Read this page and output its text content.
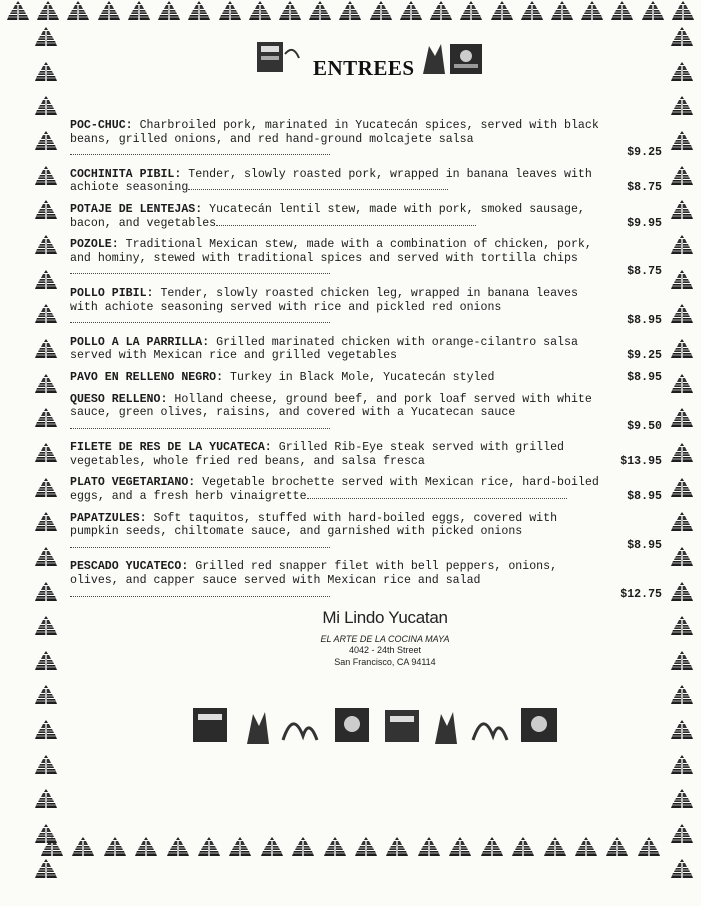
ENTREES
POC-CHUC: Charbroiled pork, marinated in Yucatecán spices, served with black beans, grilled onions, and red hand-ground molcajete salsa
$9.25
COCHINITA PIBIL: Tender, slowly roasted pork, wrapped in banana leaves with achiote seasoning	$8.75
POTAJE DE LENTEJAS: Yucatecán lentil stew, made with pork, smoked sausage, bacon, and vegetables	$9.95
POZOLE: Traditional Mexican stew, made with a combination of chicken, pork, and hominy, stewed with traditional spices and served with tortilla chips
$8.75
POLLO PIBIL: Tender, slowly roasted chicken leg, wrapped in banana leaves with achiote seasoning served with rice and pickled red onions
$8.95
POLLO A LA PARRILLA: Grilled marinated chicken with orange-cilantro salsa served with Mexican rice and grilled vegetables	$9.25
PAVO EN RELLENO NEGRO: Turkey in Black Mole, Yucatecán styled	$8.95
QUESO RELLENO: Holland cheese, ground beef, and pork loaf served with white sauce, green olives, raisins, and covered with a Yucatecan sauce
$9.50
FILETE DE RES DE LA YUCATECA: Grilled Rib-Eye steak served with grilled vegetables, whole fried red beans, and salsa fresca	$13.95
PLATO VEGETARIANO: Vegetable brochette served with Mexican rice, hard-boiled eggs, and a fresh herb vinaigrette	$8.95
PAPATZULES: Soft taquitos, stuffed with hard-boiled eggs, covered with pumpkin seeds, chiltomate sauce, and garnished with picked onions
$8.95
PESCADO YUCATECO: Grilled red snapper filet with bell peppers, onions, olives, and capper sauce served with Mexican rice and salad
$12.75
Mi Lindo Yucatan
EL ARTE DE LA COCINA MAYA
4042 - 24th Street
San Francisco, CA 94114
